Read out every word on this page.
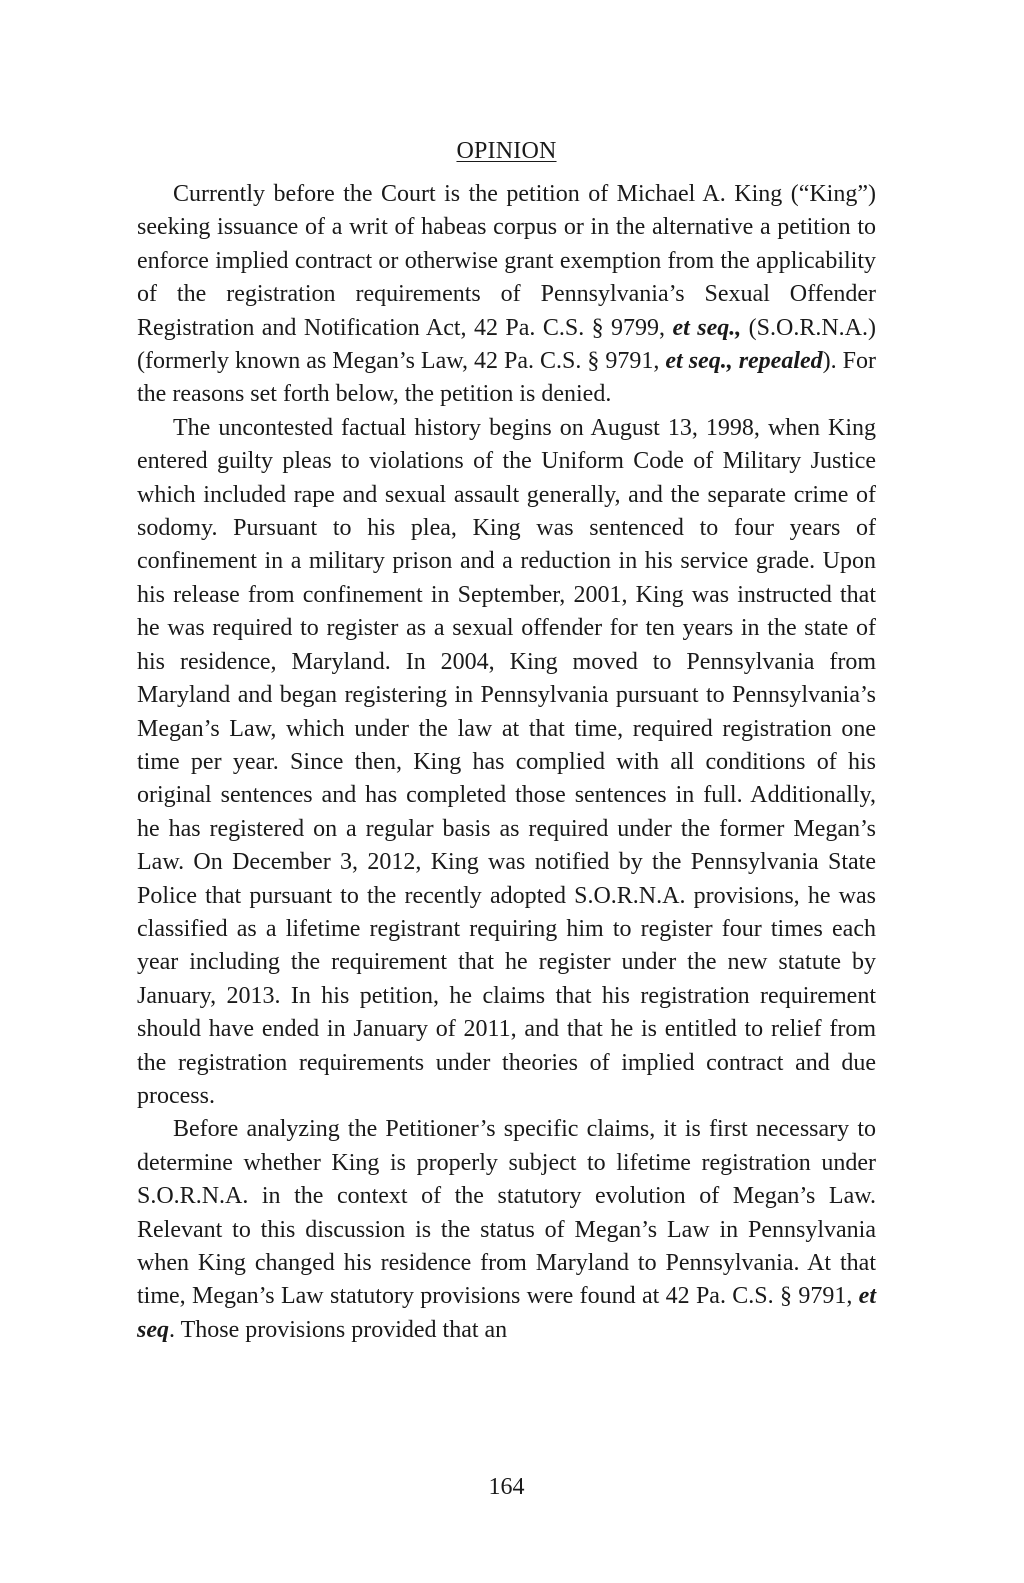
OPINION

Currently before the Court is the petition of Michael A. King (“King”) seeking issuance of a writ of habeas corpus or in the alternative a petition to enforce implied contract or otherwise grant exemption from the applicability of the registration requirements of Pennsylvania’s Sexual Offender Registration and Notification Act, 42 Pa. C.S. § 9799, et seq., (S.O.R.N.A.) (formerly known as Megan’s Law, 42 Pa. C.S. § 9791, et seq., repealed). For the reasons set forth below, the petition is denied.

The uncontested factual history begins on August 13, 1998, when King entered guilty pleas to violations of the Uniform Code of Military Justice which included rape and sexual assault generally, and the separate crime of sodomy. Pursuant to his plea, King was sentenced to four years of confinement in a military prison and a reduction in his service grade. Upon his release from confinement in September, 2001, King was instructed that he was required to register as a sexual offender for ten years in the state of his residence, Maryland. In 2004, King moved to Pennsylvania from Maryland and began registering in Pennsylvania pursuant to Pennsylvania’s Megan’s Law, which under the law at that time, required registration one time per year. Since then, King has complied with all conditions of his original sentences and has completed those sentences in full. Additionally, he has registered on a regular basis as required under the former Megan’s Law. On December 3, 2012, King was notified by the Pennsylvania State Police that pursuant to the recently adopted S.O.R.N.A. provisions, he was classified as a lifetime registrant requiring him to register four times each year including the requirement that he register under the new statute by January, 2013. In his petition, he claims that his registration requirement should have ended in January of 2011, and that he is entitled to relief from the registration requirements under theories of implied contract and due process.

Before analyzing the Petitioner’s specific claims, it is first necessary to determine whether King is properly subject to lifetime registration under S.O.R.N.A. in the context of the statutory evolution of Megan’s Law. Relevant to this discussion is the status of Megan’s Law in Pennsylvania when King changed his residence from Maryland to Pennsylvania. At that time, Megan’s Law statutory provisions were found at 42 Pa. C.S. § 9791, et seq. Those provisions provided that an

164
